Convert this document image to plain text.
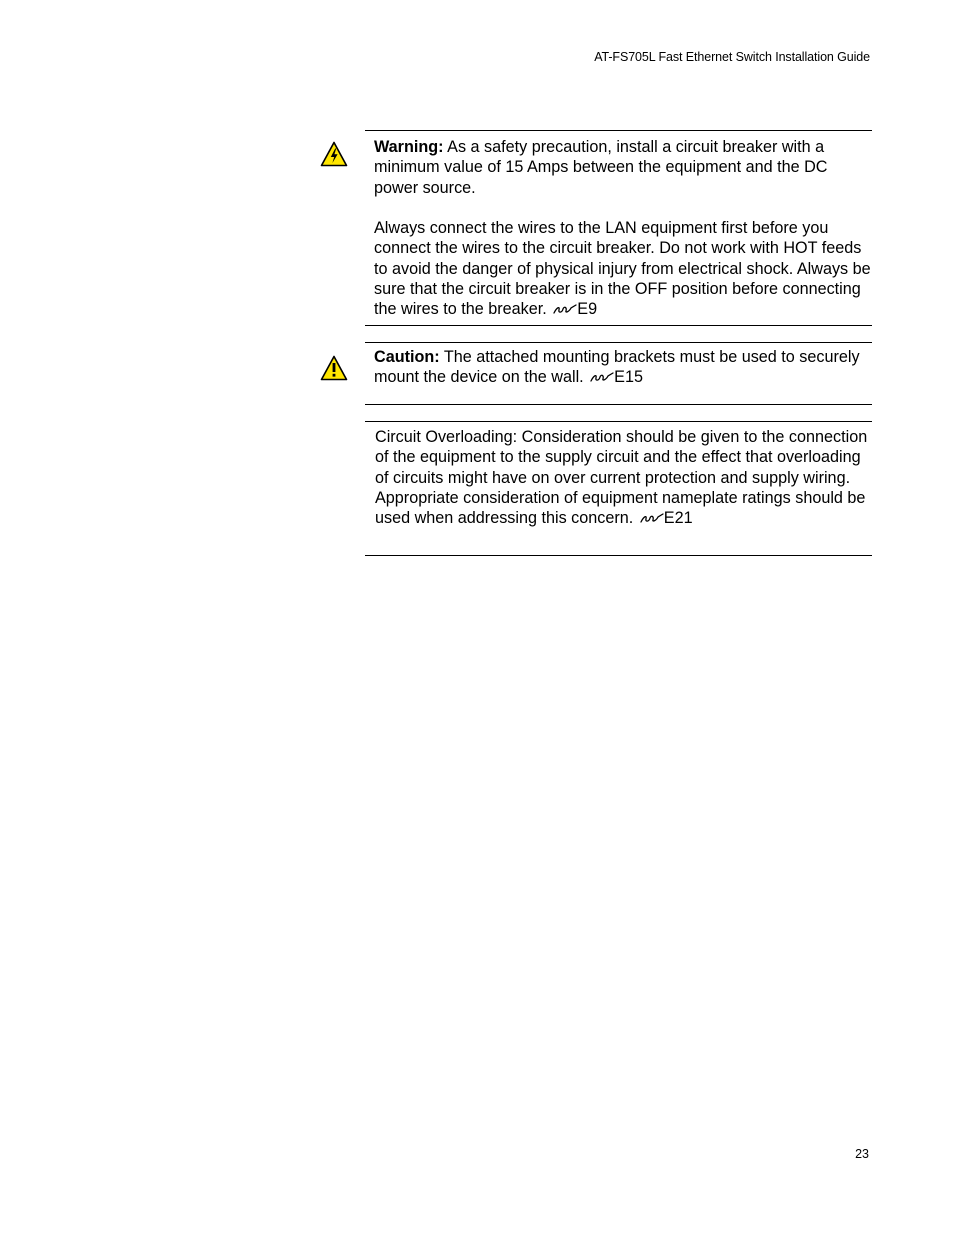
AT-FS705L Fast Ethernet Switch Installation Guide

Warning: As a safety precaution, install a circuit breaker with a minimum value of 15 Amps between the equipment and the DC power source.

Always connect the wires to the LAN equipment first before you connect the wires to the circuit breaker. Do not work with HOT feeds to avoid the danger of physical injury from electrical shock. Always be sure that the circuit breaker is in the OFF position before connecting the wires to the breaker. E9

Caution: The attached mounting brackets must be used to securely mount the device on the wall. E15

Circuit Overloading: Consideration should be given to the connection of the equipment to the supply circuit and the effect that overloading of circuits might have on over current protection and supply wiring. Appropriate consideration of equipment nameplate ratings should be used when addressing this concern. E21

23
